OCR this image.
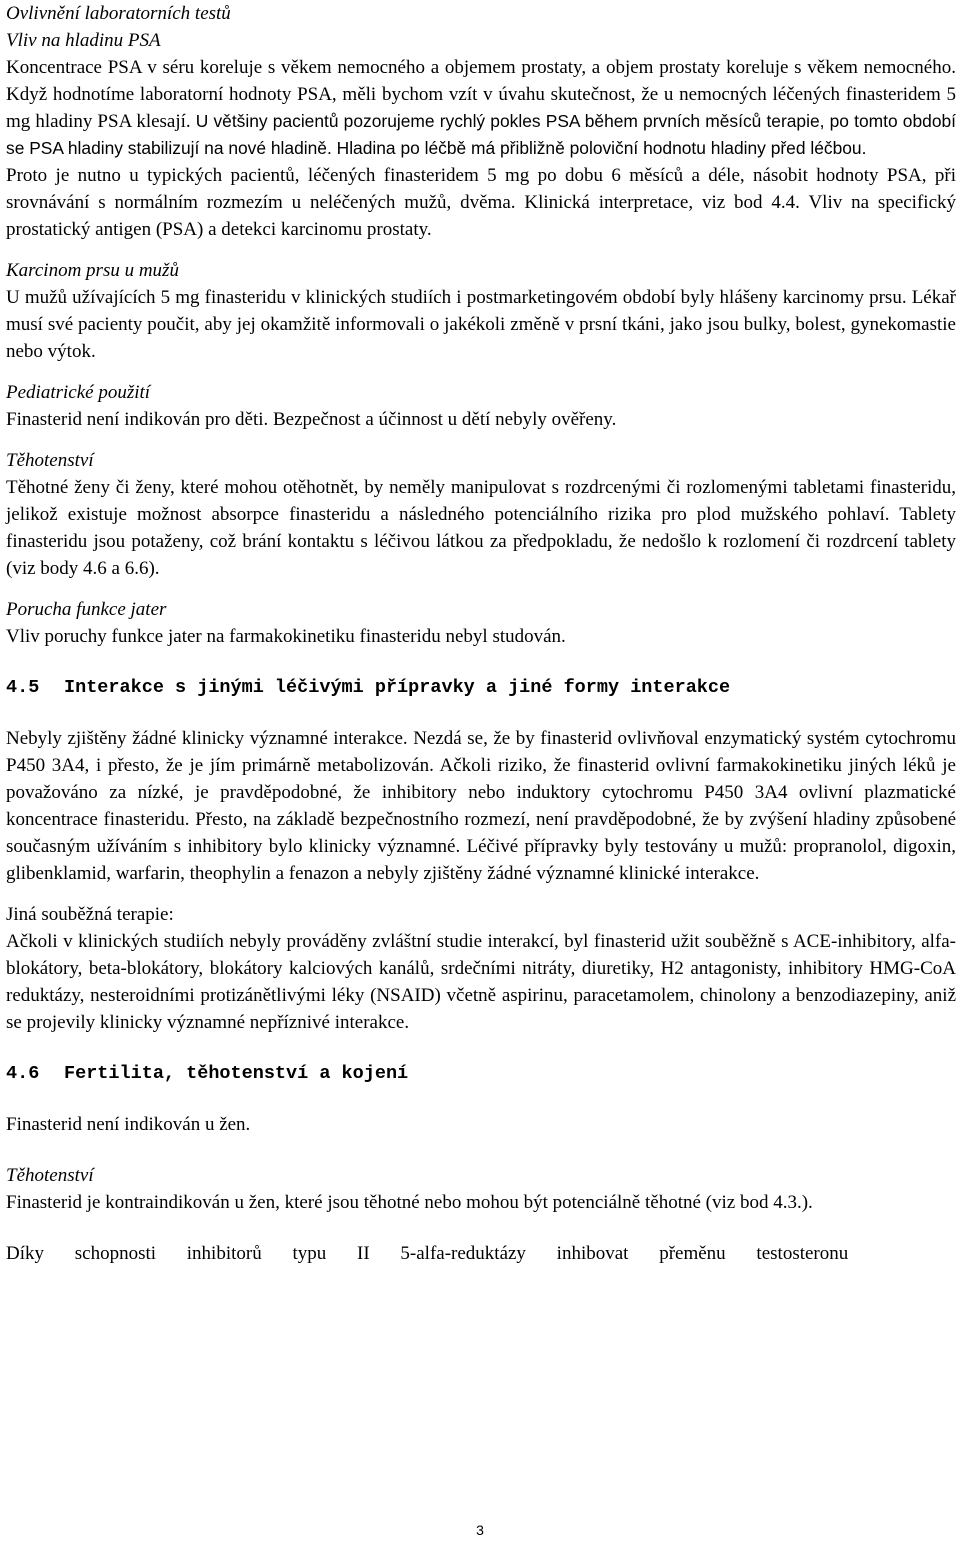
Ovlivnění laboratorních testů
Vliv na hladinu PSA

Koncentrace PSA v séru koreluje s věkem nemocného a objemem prostaty, a objem prostaty koreluje s věkem nemocného. Když hodnotíme laboratorní hodnoty PSA, měli bychom vzít v úvahu skutečnost, že u nemocných léčených finasteridem 5 mg hladiny PSA klesají. U většiny pacientů pozorujeme rychlý pokles PSA během prvních měsíců terapie, po tomto období se PSA hladiny stabilizují na nové hladině. Hladina po léčbě má přibližně poloviční hodnotu hladiny před léčbou.

Proto je nutno u typických pacientů, léčených finasteridem 5 mg po dobu 6 měsíců a déle, násobit hodnoty PSA, při srovnávání s normálním rozmezím u neléčených mužů, dvěma. Klinická interpretace, viz bod 4.4. Vliv na specifický prostatický antigen (PSA) a detekci karcinomu prostaty.

Karcinom prsu u mužů

U mužů užívajících 5 mg finasteridu v klinických studiích i postmarketingovém období byly hlášeny karcinomy prsu. Lékař musí své pacienty poučit, aby jej okamžitě informovali o jakékoli změně v prsní tkáni, jako jsou bulky, bolest, gynekomastie nebo výtok.

Pediatrické použití

Finasterid není indikován pro děti. Bezpečnost a účinnost u dětí nebyly ověřeny.

Těhotenství

Těhotné ženy či ženy, které mohou otěhotnět, by neměly manipulovat s rozdrcenými či rozlomenými tabletami finasteridu, jelikož existuje možnost absorpce finasteridu a následného potenciálního rizika pro plod mužského pohlaví. Tablety finasteridu jsou potaženy, což brání kontaktu s léčivou látkou za předpokladu, že nedošlo k rozlomení či rozdrcení tablety (viz body 4.6 a 6.6).

Porucha funkce jater

Vliv poruchy funkce jater na farmakokinetiku finasteridu nebyl studován.

4.5 Interakce s jinými léčivými přípravky a jiné formy interakce

Nebyly zjištěny žádné klinicky významné interakce. Nezdá se, že by finasterid ovlivňoval enzymatický systém cytochromu P450 3A4, i přesto, že je jím primárně metabolizován. Ačkoli riziko, že finasterid ovlivní farmakokinetiku jiných léků je považováno za nízké, je pravděpodobné, že inhibitory nebo induktory cytochromu P450 3A4 ovlivní plazmatické koncentrace finasteridu. Přesto, na základě bezpečnostního rozmezí, není pravděpodobné, že by zvýšení hladiny způsobené současným užíváním s inhibitory bylo klinicky významné. Léčivé přípravky byly testovány u mužů: propranolol, digoxin, glibenklamid, warfarin, theophylin a fenazon a nebyly zjištěny žádné významné klinické interakce.

Jiná souběžná terapie:

Ačkoli v klinických studiích nebyly prováděny zvláštní studie interakcí, byl finasterid užit souběžně s ACE-inhibitory, alfa-blokátory, beta-blokátory, blokátory kalciových kanálů, srdečními nitráty, diuretiky, H2 antagonisty, inhibitory HMG-CoA reduktázy, nesteroidními protizánětlivými léky (NSAID) včetně aspirinu, paracetamolem, chinolony a benzodiazepiny, aniž se projevily klinicky významné nepříznivé interakce.

4.6 Fertilita, těhotenství a kojení

Finasterid není indikován u žen.

Těhotenství

Finasterid je kontraindikován u žen, které jsou těhotné nebo mohou být potenciálně těhotné (viz bod 4.3.).

Díky schopnosti inhibitorů typu II 5-alfa-reduktázy inhibovat přeměnu testosteronu

3
